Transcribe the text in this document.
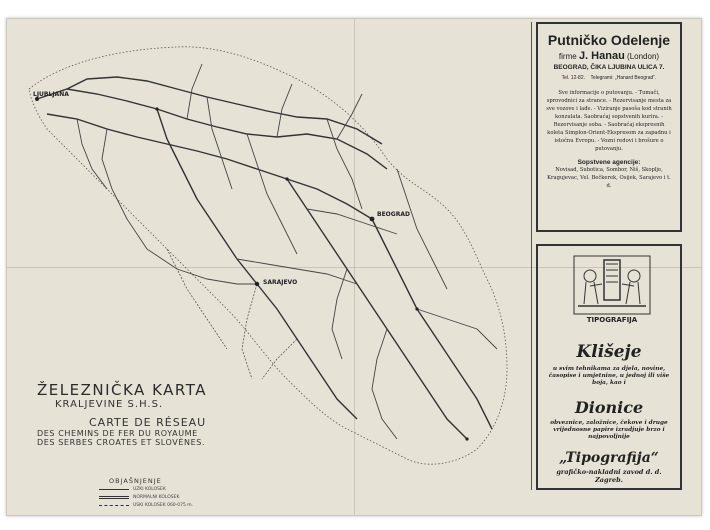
LJUBLJANA
SARAJEVO
BEOGRAD
ŽELEZNIČKA KARTA
KRALJEVINE S.H.S.
CARTE DE RÉSEAU
DES CHEMINS DE FER DU ROYAUME
DES SERBES CROATES ET SLOVÈNES.
OBJAŠNJENJE
UZKI KOLOSEK
NORMALNI KOLOSEK
USKI KOLOSEK 060-075 m.
Putničko Odelenje
firme J. Hanau (London)
BEOGRAD, ČIKA LJUBINA ULICA 7.
Tel. 12-82. Telegrami: „Hanard Beograd“.
Sve informacije o putovanju. - Tumači, sprovodnici za strance. - Rezervisanje mesta za sve vozove i lađe. - Viziranje pasoša kod stranih konzulata. Saobraćaj sopstvenih kurira. - Rezervisanje soba. - Saobraćaj ekspresnih koleta Simplon-Orient-Ekspresom za zapadnu i istočnu Evropu. - Vozni redovi i brošure o putovanju.
Sopstvene agencije:
Novisad, Subotica, Sombor, Niš, Skoplje, Kragujevac, Vel. Bečkerek, Osijek, Sarajevo i t. d.
TIPOGRAFIJA
Klišeje
u svim tehnikama za djela, novine, časopise i umjetnine, u jednoj ili više boja, kao i
Dionice
obveznice, založnice, čekove i druge vrijednosne papire izradjuje brzo i najpovoljnije
„Tipografija“
grafičko-nakladni zavod d. d. Zagreb.
